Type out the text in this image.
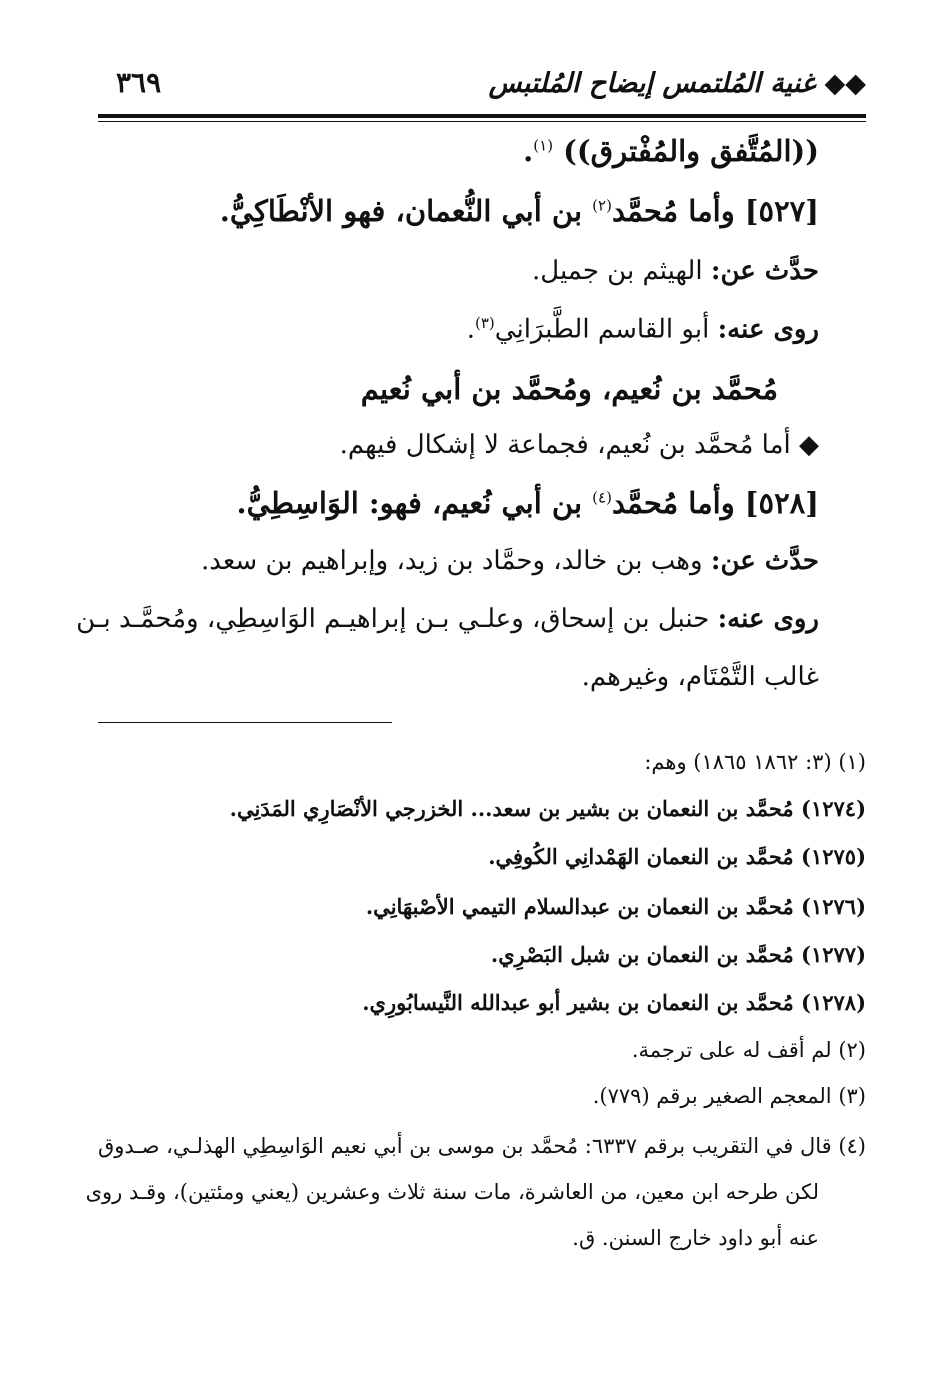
◆◆ غنية المُلتمس إيضاح المُلتبس
٣٦٩
((المُتَّفق والمُفْترق)) $^{(١)}$.
[٥٢٧] وأما مُحمَّد$^{(٢)}$ بن أبي النُّعمان، فهو الأنْطَاكِيُّ.
حدَّث عن: الهيثم بن جميل.
روى عنه: أبو القاسم الطَّبرَانِي$^{(٣)}$.
مُحمَّد بن نُعيم، ومُحمَّد بن أبي نُعيم
◆ أما مُحمَّد بن نُعيم، فجماعة لا إشكال فيهم.
[٥٢٨] وأما مُحمَّد$^{(٤)}$ بن أبي نُعيم، فهو: الوَاسِطِيُّ.
حدَّث عن: وهب بن خالد، وحمَّاد بن زيد، وإبراهيم بن سعد.
روى عنه: حنبل بن إسحاق، وعلـي بـن إبراهيـم الوَاسِطِي، ومُحمَّـد بـن
غالب التَّمْتَام، وغيرهم.
(١) (٣: ١٨٦٢ ١٨٦٥) وهم:
(١٢٧٤) مُحمَّد بن النعمان بن بشير بن سعد... الخزرجي الأنْصَارِي المَدَنِي.
(١٢٧٥) مُحمَّد بن النعمان الهَمْدانِي الكُوفِي.
(١٢٧٦) مُحمَّد بن النعمان بن عبدالسلام التيمي الأصْبهَانِي.
(١٢٧٧) مُحمَّد بن النعمان بن شبل البَصْرِي.
(١٢٧٨) مُحمَّد بن النعمان بن بشير أبو عبدالله النَّيسابُورِي.
(٢) لم أقف له على ترجمة.
(٣) المعجم الصغير برقم (٧٧٩).
(٤) قال في التقريب برقم ٦٣٣٧: مُحمَّد بن موسى بن أبي نعيم الوَاسِطِي الهذلـي، صـدوق
لكن طرحه ابن معين، من العاشرة، مات سنة ثلاث وعشرين (يعني ومئتين)، وقـد روى
عنه أبو داود خارج السنن. ق.
